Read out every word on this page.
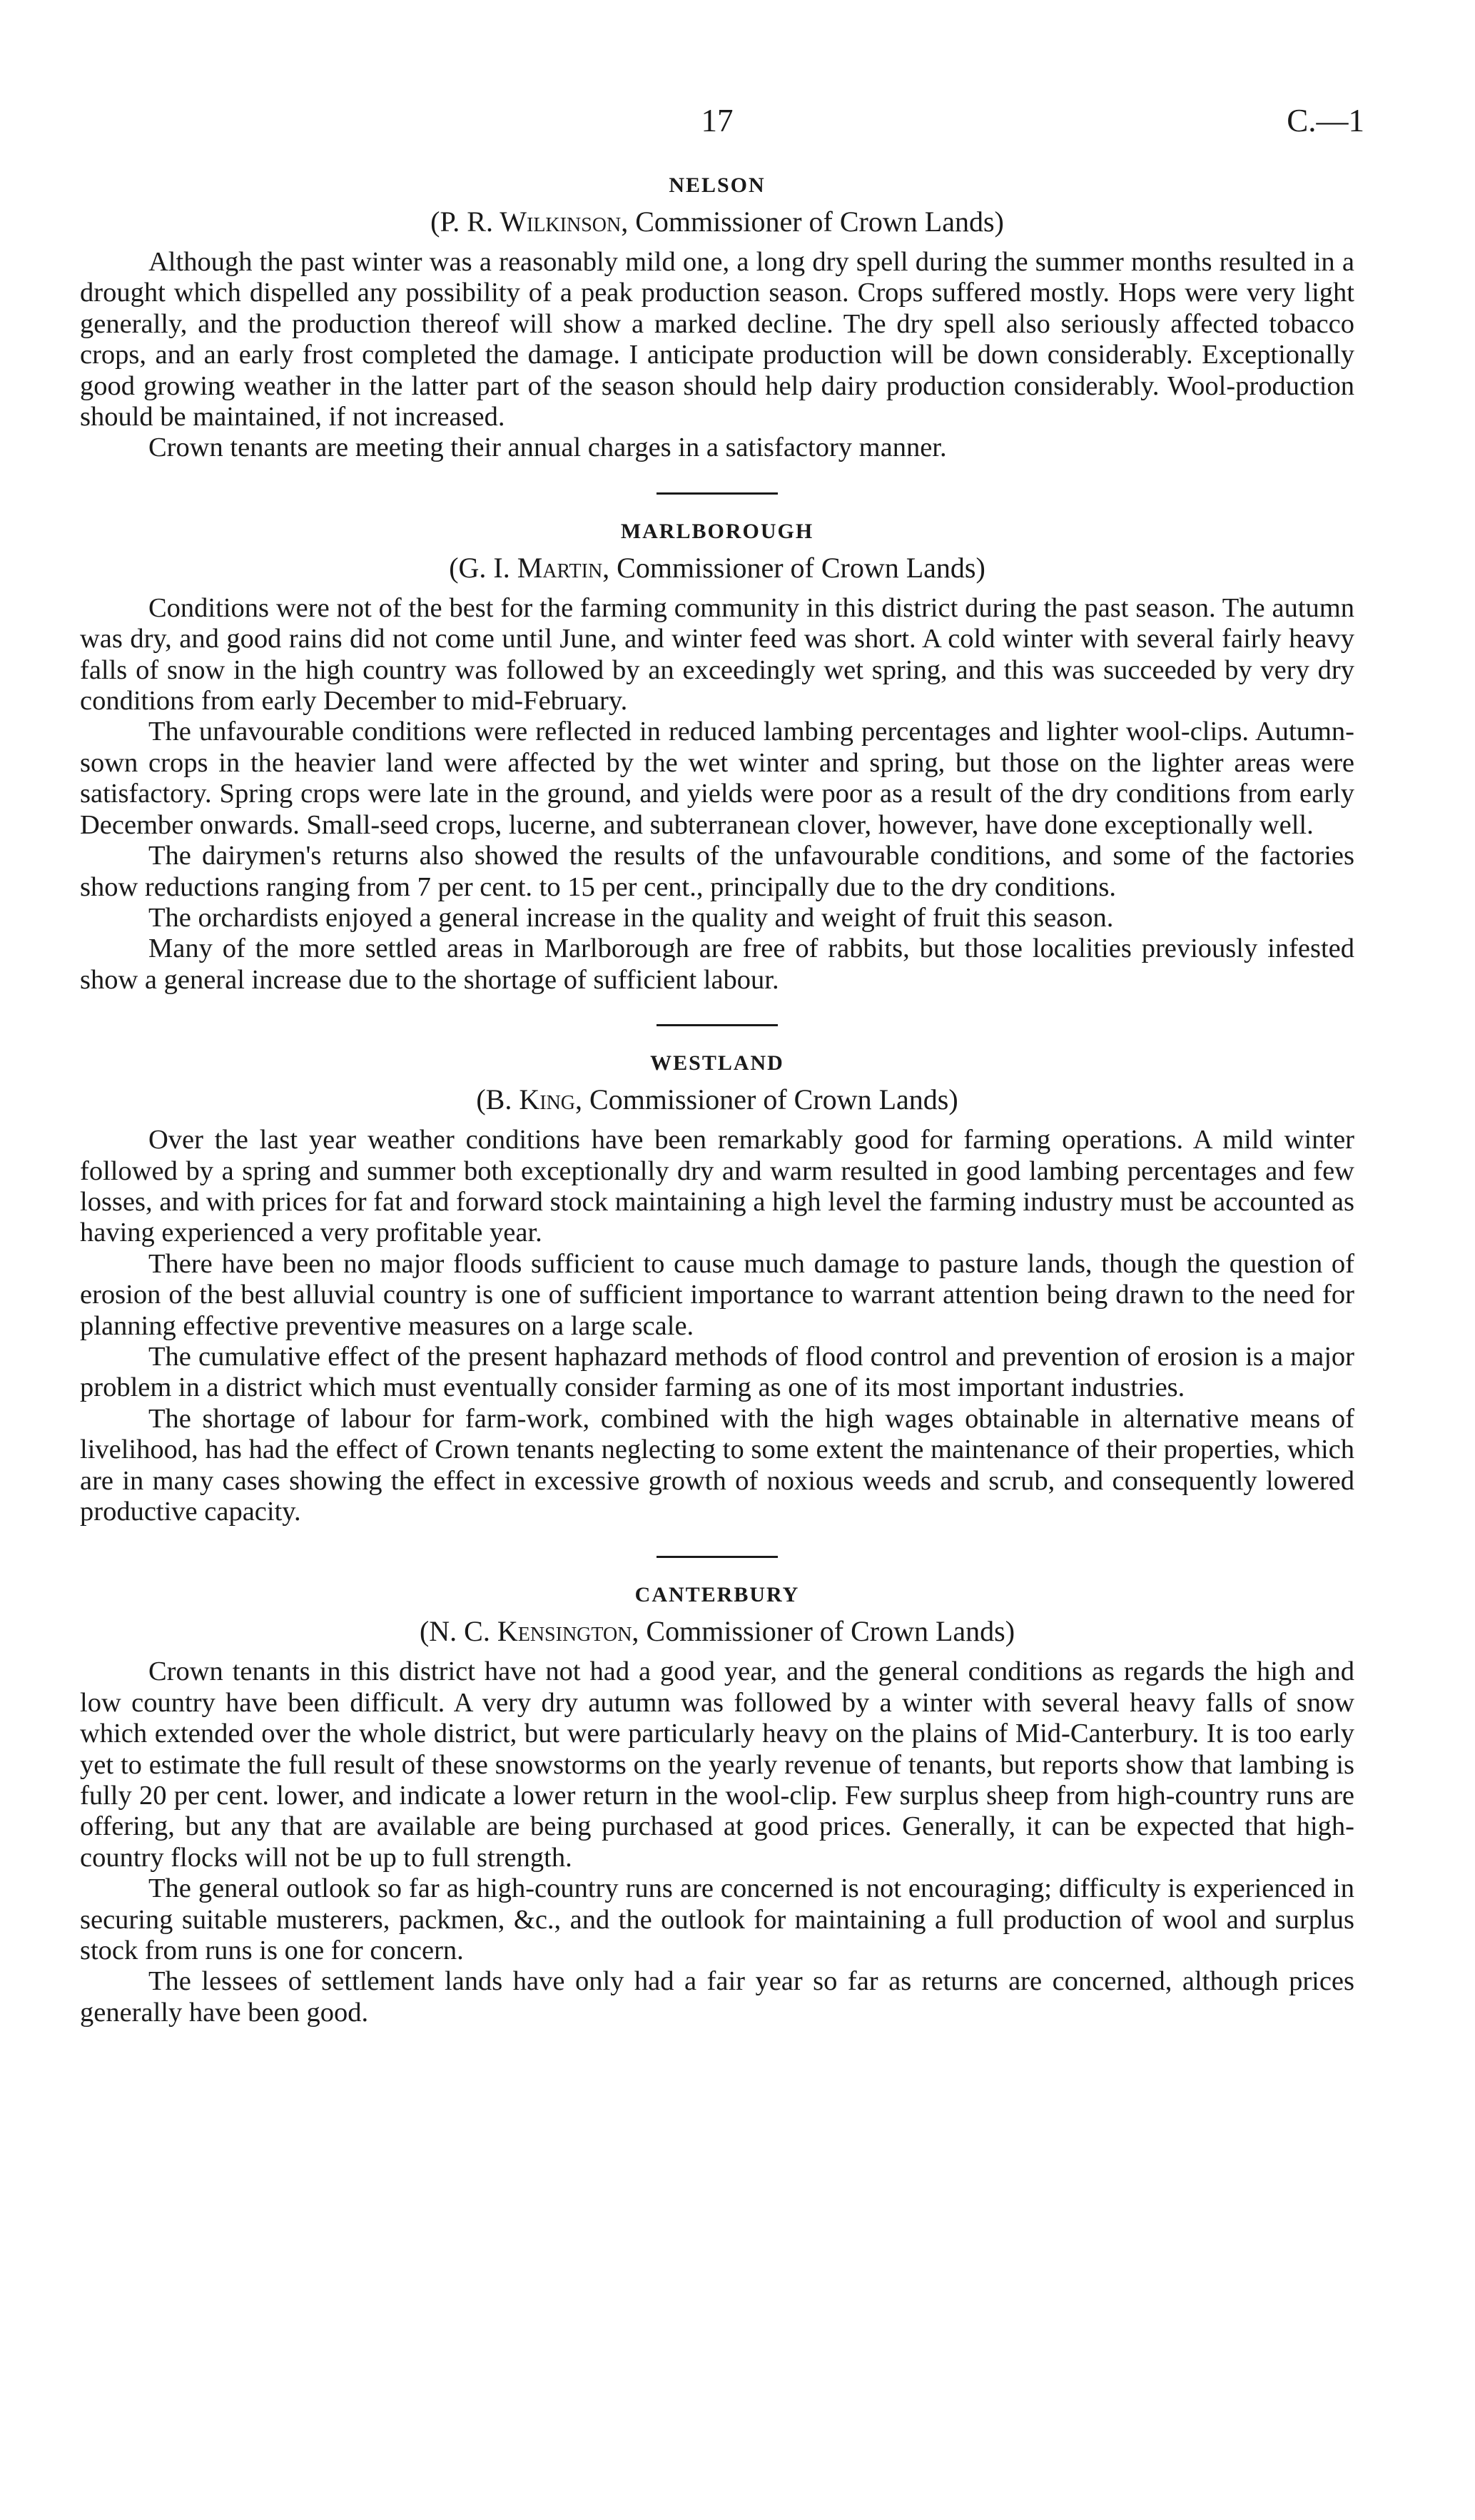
17	C.—1
NELSON
(P. R. Wilkinson, Commissioner of Crown Lands)

Although the past winter was a reasonably mild one, a long dry spell during the summer months resulted in a drought which dispelled any possibility of a peak production season. Crops suffered mostly. Hops were very light generally, and the production thereof will show a marked decline. The dry spell also seriously affected tobacco crops, and an early frost completed the damage. I anticipate production will be down considerably. Exceptionally good growing weather in the latter part of the season should help dairy production considerably. Wool-production should be maintained, if not increased.

Crown tenants are meeting their annual charges in a satisfactory manner.

MARLBOROUGH
(G. I. Martin, Commissioner of Crown Lands)

Conditions were not of the best for the farming community in this district during the past season. The autumn was dry, and good rains did not come until June, and winter feed was short. A cold winter with several fairly heavy falls of snow in the high country was followed by an exceedingly wet spring, and this was succeeded by very dry conditions from early December to mid-February.

The unfavourable conditions were reflected in reduced lambing percentages and lighter wool-clips. Autumn-sown crops in the heavier land were affected by the wet winter and spring, but those on the lighter areas were satisfactory. Spring crops were late in the ground, and yields were poor as a result of the dry conditions from early December onwards. Small-seed crops, lucerne, and subterranean clover, however, have done exceptionally well.

The dairymen's returns also showed the results of the unfavourable conditions, and some of the factories show reductions ranging from 7 per cent. to 15 per cent., principally due to the dry conditions.

The orchardists enjoyed a general increase in the quality and weight of fruit this season.

Many of the more settled areas in Marlborough are free of rabbits, but those localities previously infested show a general increase due to the shortage of sufficient labour.

WESTLAND
(B. King, Commissioner of Crown Lands)

Over the last year weather conditions have been remarkably good for farming operations. A mild winter followed by a spring and summer both exceptionally dry and warm resulted in good lambing percentages and few losses, and with prices for fat and forward stock maintaining a high level the farming industry must be accounted as having experienced a very profitable year.

There have been no major floods sufficient to cause much damage to pasture lands, though the question of erosion of the best alluvial country is one of sufficient importance to warrant attention being drawn to the need for planning effective preventive measures on a large scale.

The cumulative effect of the present haphazard methods of flood control and prevention of erosion is a major problem in a district which must eventually consider farming as one of its most important industries.

The shortage of labour for farm-work, combined with the high wages obtainable in alternative means of livelihood, has had the effect of Crown tenants neglecting to some extent the maintenance of their properties, which are in many cases showing the effect in excessive growth of noxious weeds and scrub, and consequently lowered productive capacity.

CANTERBURY
(N. C. Kensington, Commissioner of Crown Lands)

Crown tenants in this district have not had a good year, and the general conditions as regards the high and low country have been difficult. A very dry autumn was followed by a winter with several heavy falls of snow which extended over the whole district, but were particularly heavy on the plains of Mid-Canterbury. It is too early yet to estimate the full result of these snowstorms on the yearly revenue of tenants, but reports show that lambing is fully 20 per cent. lower, and indicate a lower return in the wool-clip. Few surplus sheep from high-country runs are offering, but any that are available are being purchased at good prices. Generally, it can be expected that high-country flocks will not be up to full strength.

The general outlook so far as high-country runs are concerned is not encouraging; difficulty is experienced in securing suitable musterers, packmen, &c., and the outlook for maintaining a full production of wool and surplus stock from runs is one for concern.

The lessees of settlement lands have only had a fair year so far as returns are concerned, although prices generally have been good.
